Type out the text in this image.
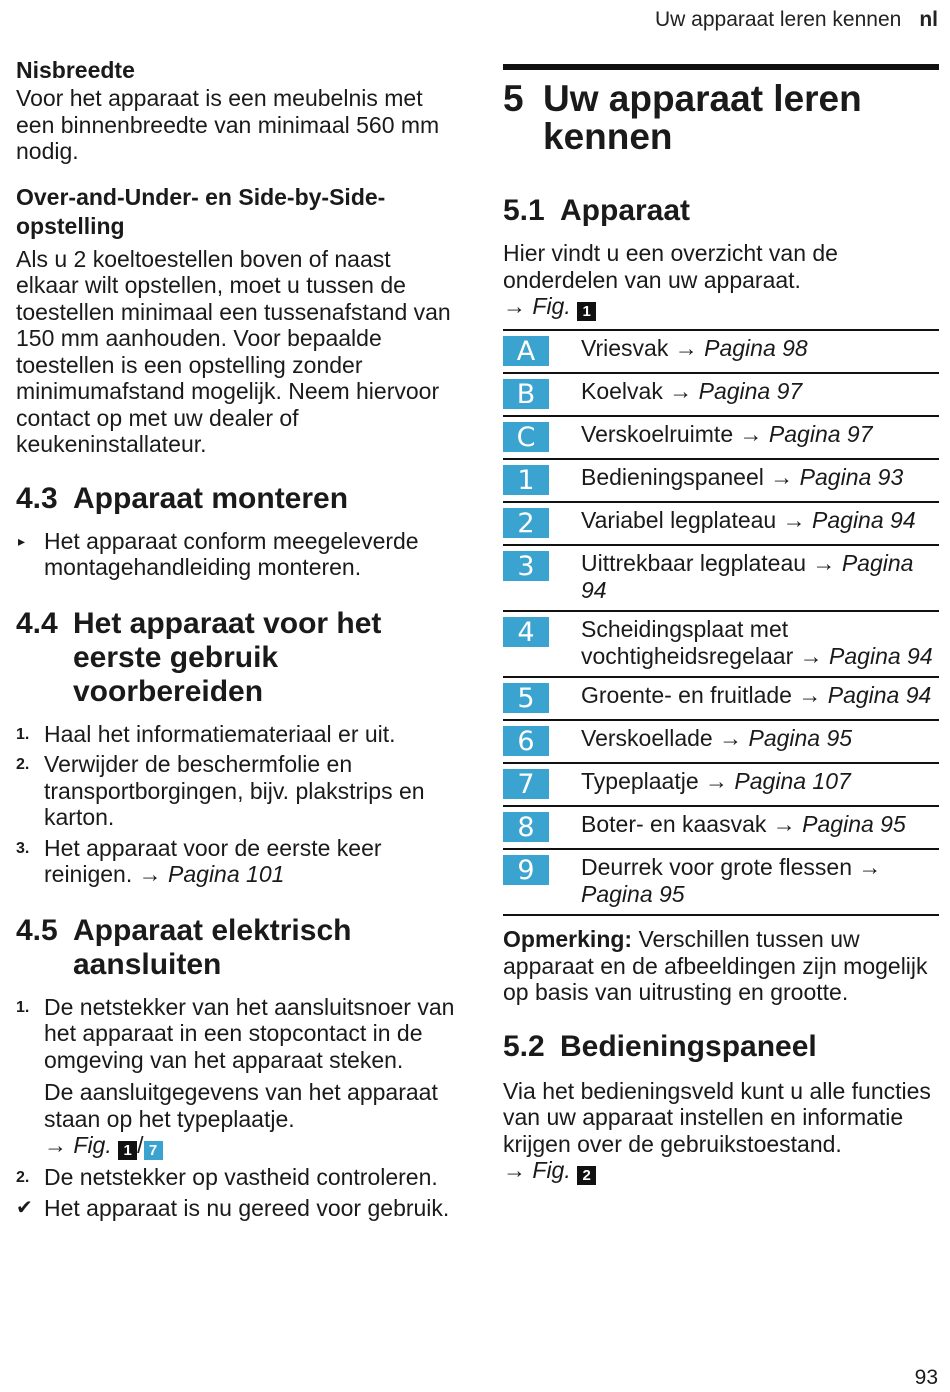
Uw apparaat leren kennen nl

Nisbreedte

Voor het apparaat is een meubelnis met een binnenbreedte van minimaal 560 mm nodig.

Over-and-Under- en Side-by-Side-opstelling

Als u 2 koeltoestellen boven of naast elkaar wilt opstellen, moet u tussen de toestellen minimaal een tussenafstand van 150 mm aanhouden. Voor bepaalde toestellen is een opstelling zonder minimumafstand mogelijk. Neem hiervoor contact op met uw dealer of keukeninstallateur.

4.3 Apparaat monteren
▸ Het apparaat conform meegeleverde montagehandleiding monteren.
4.4 Het apparaat voor het eerste gebruik voorbereiden
1. Haal het informatiemateriaal er uit.
2. Verwijder de beschermfolie en transportborgingen, bijv. plakstrips en karton.
3. Het apparaat voor de eerste keer reinigen. → Pagina 101
4.5 Apparaat elektrisch aansluiten
1. De netstekker van het aansluitsnoer van het apparaat in een stopcontact in de omgeving van het apparaat steken.

De aansluitgegevens van het apparaat staan op het typeplaatje.

→ Fig. 1 / 7

2. De netstekker op vastheid controleren.
✔ Het apparaat is nu gereed voor gebruik.
5 Uw apparaat leren kennen
5.1 Apparaat

Hier vindt u een overzicht van de onderdelen van uw apparaat.

→ Fig. 1

A	Vriesvak → Pagina 98
B	Koelvak → Pagina 97
C	Verskoelruimte → Pagina 97
1	Bedieningspaneel → Pagina 93
2	Variabel legplateau → Pagina 94
3	Uittrekbaar legplateau → Pagina 94
4	Scheidingsplaat met vochtigheidsregelaar → Pagina 94
5	Groente- en fruitlade → Pagina 94
6	Verskoellade → Pagina 95
7	Typeplaatje → Pagina 107
8	Boter- en kaasvak → Pagina 95
9	Deurrek voor grote flessen → Pagina 95

Opmerking: Verschillen tussen uw apparaat en de afbeeldingen zijn mogelijk op basis van uitrusting en grootte.

5.2 Bedieningspaneel

Via het bedieningsveld kunt u alle functies van uw apparaat instellen en informatie krijgen over de gebruikstoestand.

→ Fig. 2

93
